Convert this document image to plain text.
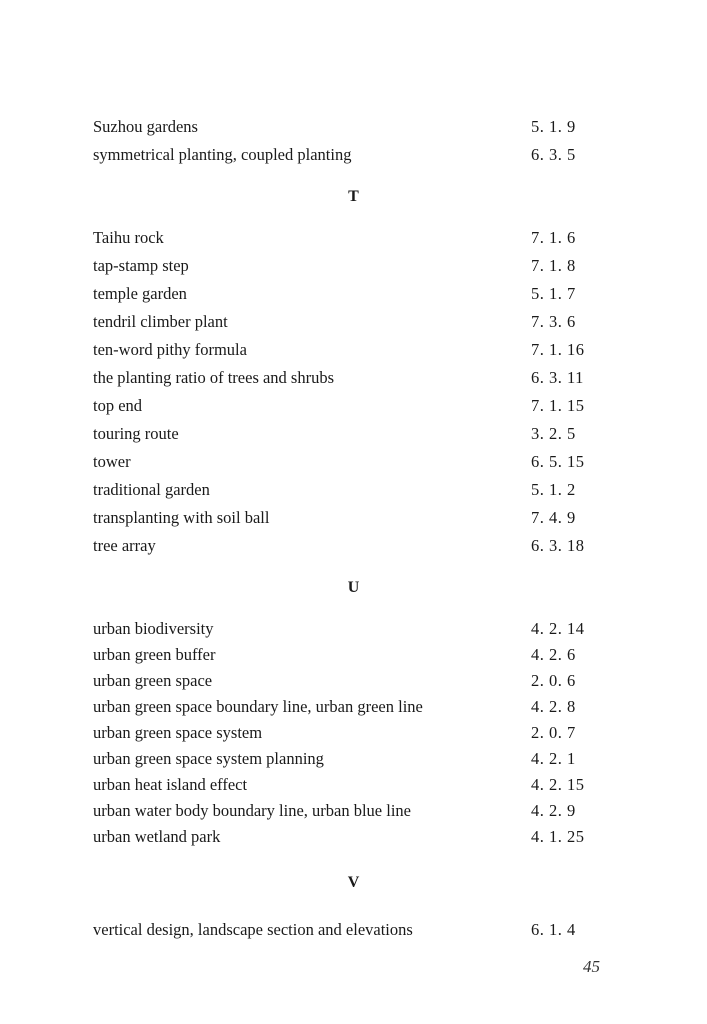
Suzhou gardens	5. 1. 9
symmetrical planting, coupled planting	6. 3. 5
T
Taihu rock	7. 1. 6
tap-stamp step	7. 1. 8
temple garden	5. 1. 7
tendril climber plant	7. 3. 6
ten-word pithy formula	7. 1. 16
the planting ratio of trees and shrubs	6. 3. 11
top end	7. 1. 15
touring route	3. 2. 5
tower	6. 5. 15
traditional garden	5. 1. 2
transplanting with soil ball	7. 4. 9
tree array	6. 3. 18
U
urban biodiversity	4. 2. 14
urban green buffer	4. 2. 6
urban green space	2. 0. 6
urban green space boundary line, urban green line	4. 2. 8
urban green space system	2. 0. 7
urban green space system planning	4. 2. 1
urban heat island effect	4. 2. 15
urban water body boundary line, urban blue line	4. 2. 9
urban wetland park	4. 1. 25
V
vertical design, landscape section and elevations	6. 1. 4
45
